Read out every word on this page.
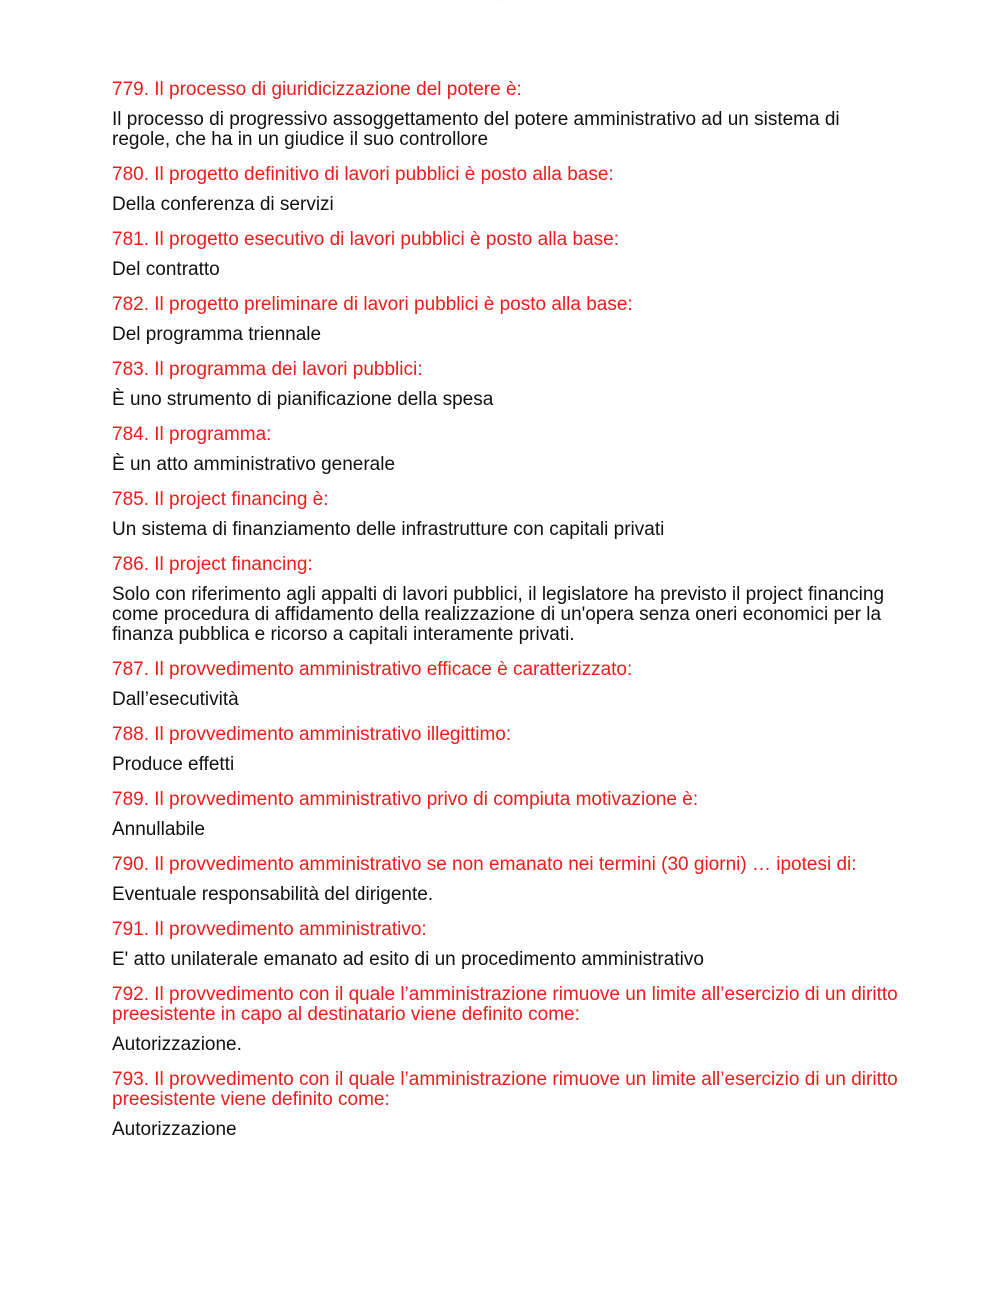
·····

779. Il processo di giuridicizzazione del potere è:

Il processo di progressivo assoggettamento del potere amministrativo ad un sistema di regole, che ha in un giudice il suo controllore

780. Il progetto definitivo di lavori pubblici è posto alla base:

Della conferenza di servizi

781. Il progetto esecutivo di lavori pubblici è posto alla base:

Del contratto

782. Il progetto preliminare di lavori pubblici è posto alla base:

Del programma triennale

783. Il programma dei lavori pubblici:

È uno strumento di pianificazione della spesa

784. Il programma:

È un atto amministrativo generale

785. Il project financing è:

Un sistema di finanziamento delle infrastrutture con capitali privati

786. Il project financing:

Solo con riferimento agli appalti di lavori pubblici, il legislatore ha previsto il project financing come procedura di affidamento della realizzazione di un'opera senza oneri economici per la finanza pubblica e ricorso a capitali interamente privati.

787. Il provvedimento amministrativo efficace è caratterizzato:

Dall’esecutività

788. Il provvedimento amministrativo illegittimo:

Produce effetti

789. Il provvedimento amministrativo privo di compiuta motivazione è:

Annullabile

790. Il provvedimento amministrativo se non emanato nei termini (30 giorni) … ipotesi di:

Eventuale responsabilità del dirigente.

791. Il provvedimento amministrativo:

E' atto unilaterale emanato ad esito di un procedimento amministrativo

792. Il provvedimento con il quale l’amministrazione rimuove un limite all’esercizio di un diritto preesistente in capo al destinatario viene definito come:

Autorizzazione.

793. Il provvedimento con il quale l’amministrazione rimuove un limite all’esercizio di un diritto preesistente viene definito come:

Autorizzazione
